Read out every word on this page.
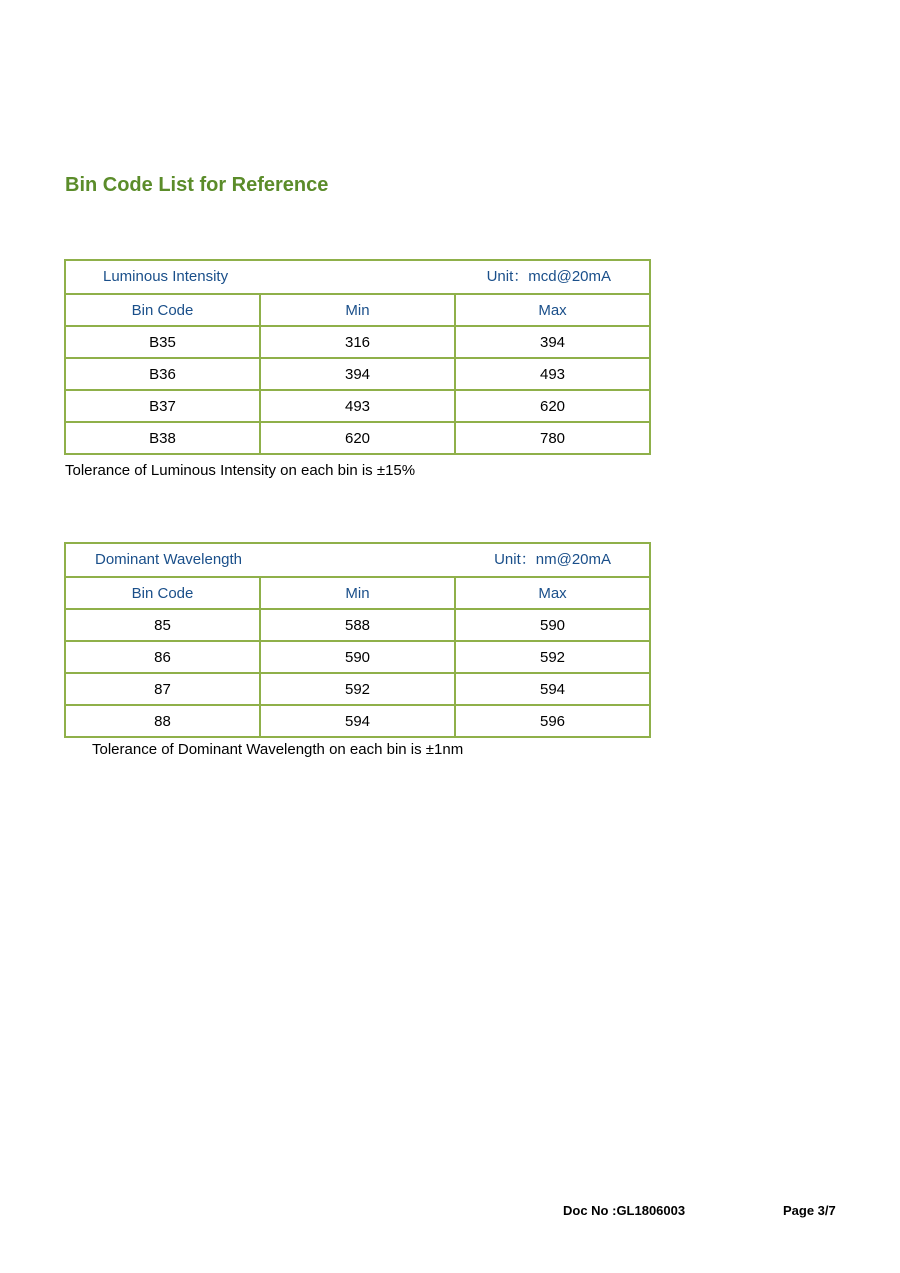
Bin Code List for Reference
Luminous Intensity Unit：mcd@20mA		

Bin Code	Min	Max
B35	316	394
B36	394	493
B37	493	620
B38	620	780
Tolerance of Luminous Intensity on each bin is ±15%
Dominant Wavelength Unit：nm@20mA		

Bin Code	Min	Max
85	588	590
86	590	592
87	592	594
88	594	596
Tolerance of Dominant Wavelength on each bin is ±1nm
Doc No :GL1806003	Page 3/7
